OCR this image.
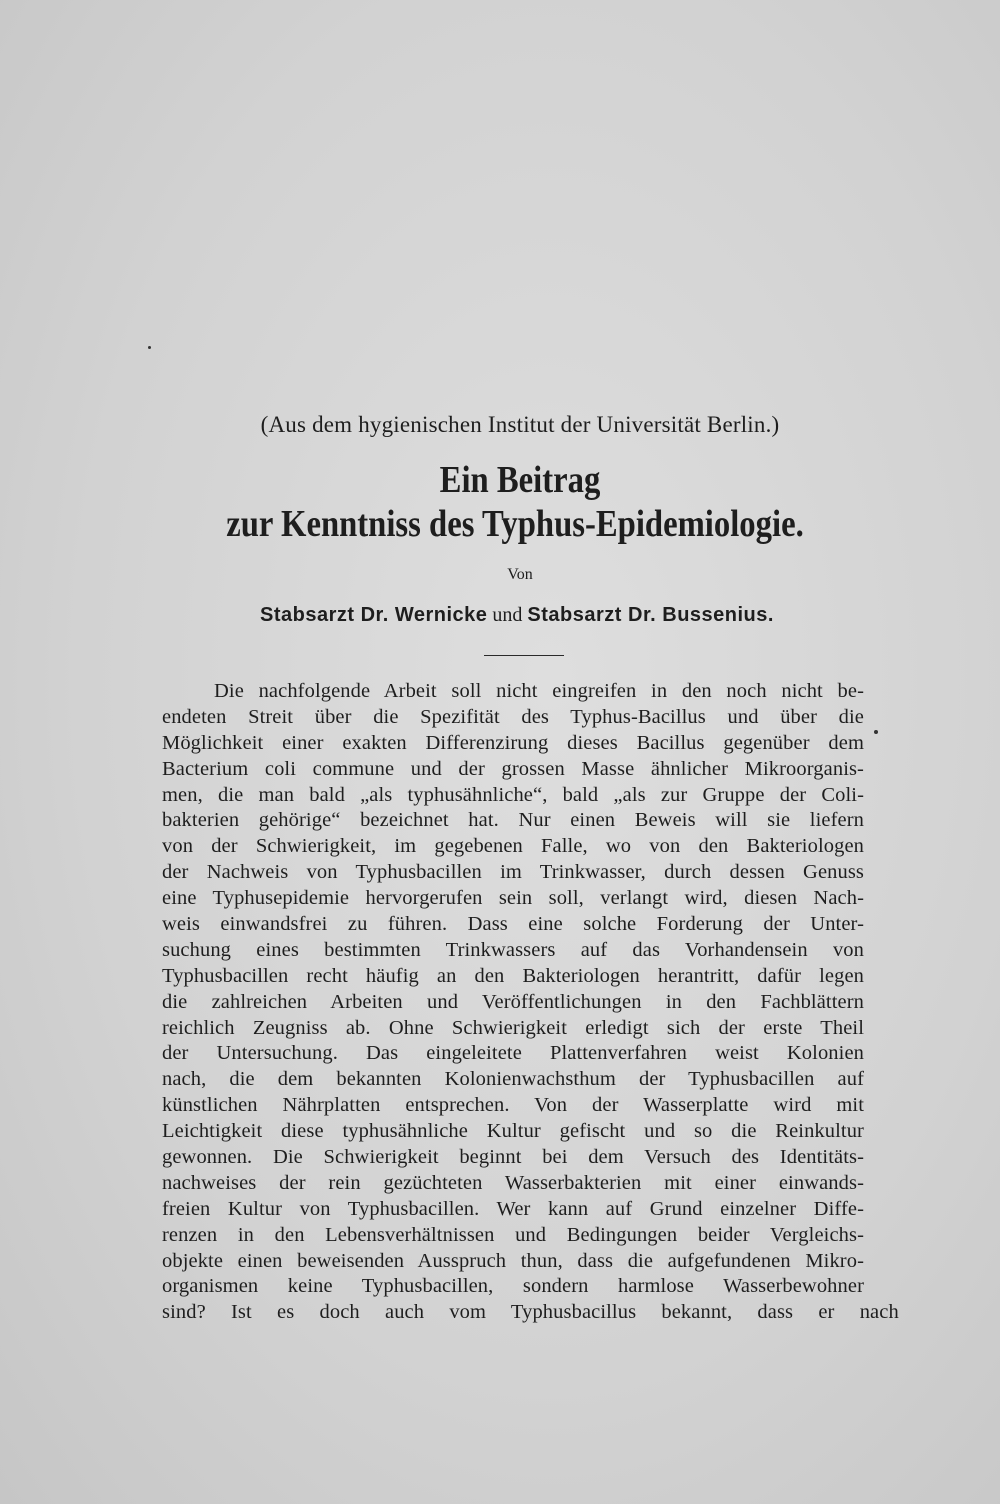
(Aus dem hygienischen Institut der Universität Berlin.)
Ein Beitrag
zur Kenntniss des Typhus-Epidemiologie.
Von
Stabsarzt Dr. Wernicke und Stabsarzt Dr. Bussenius.
Die nachfolgende Arbeit soll nicht eingreifen in den noch nicht be-
endeten Streit über die Spezifität des Typhus-Bacillus und über die
Möglichkeit einer exakten Differenzirung dieses Bacillus gegenüber dem
Bacterium coli commune und der grossen Masse ähnlicher Mikroorganis-
men, die man bald „als typhusähnliche“, bald „als zur Gruppe der Coli-
bakterien gehörige“ bezeichnet hat. Nur einen Beweis will sie liefern
von der Schwierigkeit, im gegebenen Falle, wo von den Bakteriologen
der Nachweis von Typhusbacillen im Trinkwasser, durch dessen Genuss
eine Typhusepidemie hervorgerufen sein soll, verlangt wird, diesen Nach-
weis einwandsfrei zu führen. Dass eine solche Forderung der Unter-
suchung eines bestimmten Trinkwassers auf das Vorhandensein von
Typhusbacillen recht häufig an den Bakteriologen herantritt, dafür legen
die zahlreichen Arbeiten und Veröffentlichungen in den Fachblättern
reichlich Zeugniss ab. Ohne Schwierigkeit erledigt sich der erste Theil
der Untersuchung. Das eingeleitete Plattenverfahren weist Kolonien
nach, die dem bekannten Kolonienwachsthum der Typhusbacillen auf
künstlichen Nährplatten entsprechen. Von der Wasserplatte wird mit
Leichtigkeit diese typhusähnliche Kultur gefischt und so die Reinkultur
gewonnen. Die Schwierigkeit beginnt bei dem Versuch des Identitäts-
nachweises der rein gezüchteten Wasserbakterien mit einer einwands-
freien Kultur von Typhusbacillen. Wer kann auf Grund einzelner Diffe-
renzen in den Lebensverhältnissen und Bedingungen beider Vergleichs-
objekte einen beweisenden Ausspruch thun, dass die aufgefundenen Mikro-
organismen keine Typhusbacillen, sondern harmlose Wasserbewohner
sind? Ist es doch auch vom Typhusbacillus bekannt, dass er nach
